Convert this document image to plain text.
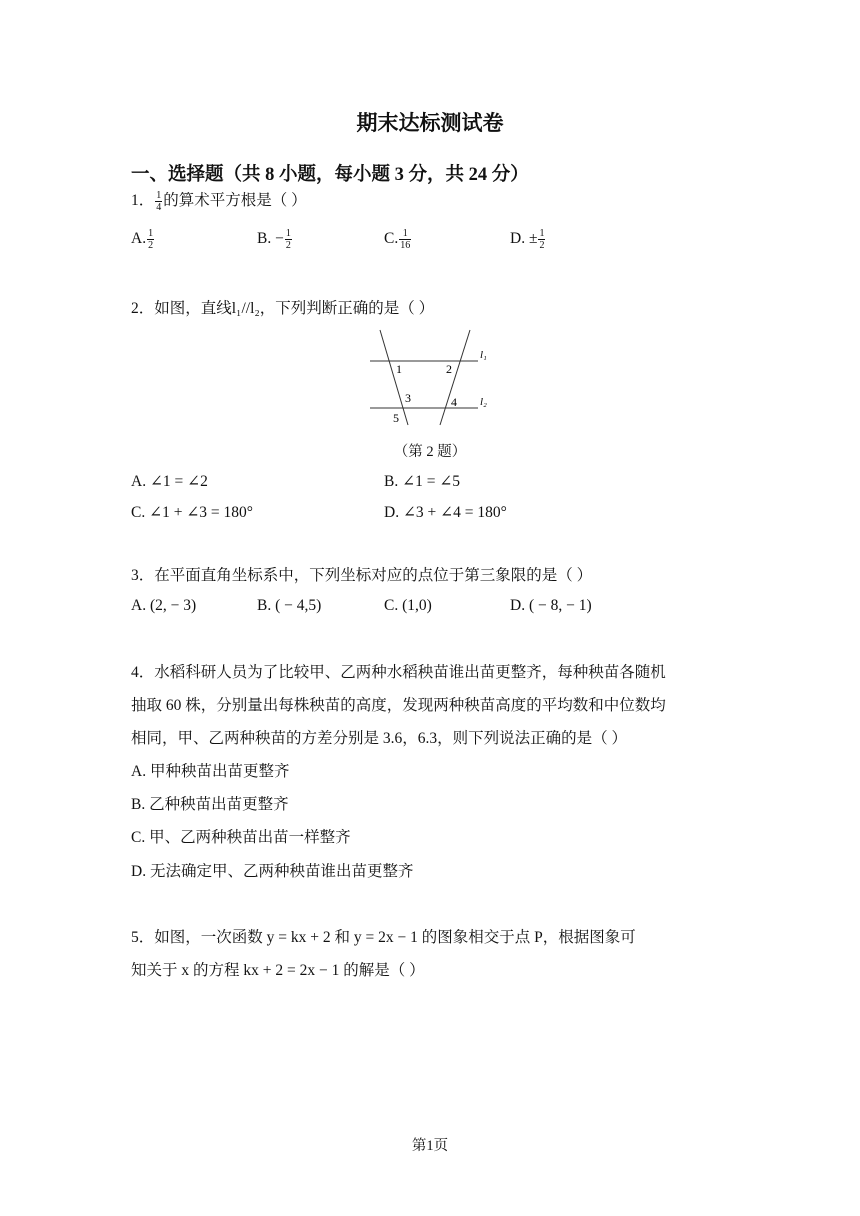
期末达标测试卷
一、选择题（共 8 小题，每小题 3 分，共 24 分）
1． $\frac{1}{4}$ 的算术平方根是（ ）
A. $\frac{1}{2}$	B. − $\frac{1}{2}$	C. $\frac{1}{16}$	D. ± $\frac{1}{2}$
2．如图，直线l₁//l₂，下列判断正确的是（ ）
l₁
l₂
1	2
3	4
5
（第 2 题）
A. ∠1 = ∠2	B. ∠1 = ∠5
C. ∠1 + ∠3 = 180°	D. ∠3 + ∠4 = 180°
3．在平面直角坐标系中，下列坐标对应的点位于第三象限的是（ ）
A. (2, − 3)	B. ( − 4,5)	C. (1,0)	D. ( − 8, − 1)
4．水稻科研人员为了比较甲、乙两种水稻秧苗谁出苗更整齐，每种秧苗各随机
抽取 60 株，分别量出每株秧苗的高度，发现两种秧苗高度的平均数和中位数均
相同，甲、乙两种秧苗的方差分别是 3.6，6.3，则下列说法正确的是（ ）
A. 甲种秧苗出苗更整齐
B. 乙种秧苗出苗更整齐
C. 甲、乙两种秧苗出苗一样整齐
D. 无法确定甲、乙两种秧苗谁出苗更整齐
5．如图，一次函数 y = kx + 2 和 y = 2x − 1 的图象相交于点 P，根据图象可
知关于 x 的方程 kx + 2 = 2x − 1 的解是（ ）
第1页
